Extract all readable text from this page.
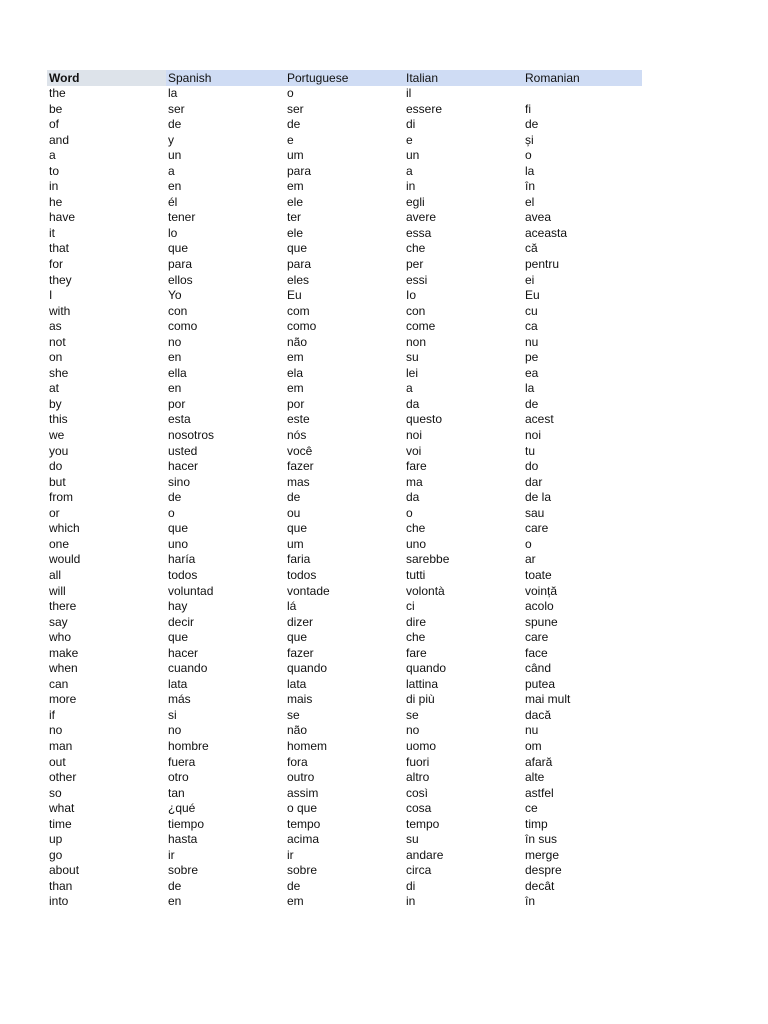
Word	Spanish	Portuguese	Italian	Romanian
the	la	o	il
be	ser	ser	essere	fi
of	de	de	di	de
and	y	e	e	și
a	un	um	un	o
to	a	para	a	la
in	en	em	in	în
he	él	ele	egli	el
have	tener	ter	avere	avea
it	lo	ele	essa	aceasta
that	que	que	che	că
for	para	para	per	pentru
they	ellos	eles	essi	ei
I	Yo	Eu	Io	Eu
with	con	com	con	cu
as	como	como	come	ca
not	no	não	non	nu
on	en	em	su	pe
she	ella	ela	lei	ea
at	en	em	a	la
by	por	por	da	de
this	esta	este	questo	acest
we	nosotros	nós	noi	noi
you	usted	você	voi	tu
do	hacer	fazer	fare	do
but	sino	mas	ma	dar
from	de	de	da	de la
or	o	ou	o	sau
which	que	que	che	care
one	uno	um	uno	o
would	haría	faria	sarebbe	ar
all	todos	todos	tutti	toate
will	voluntad	vontade	volontà	voință
there	hay	lá	ci	acolo
say	decir	dizer	dire	spune
who	que	que	che	care
make	hacer	fazer	fare	face
when	cuando	quando	quando	când
can	lata	lata	lattina	putea
more	más	mais	di più	mai mult
if	si	se	se	dacă
no	no	não	no	nu
man	hombre	homem	uomo	om
out	fuera	fora	fuori	afară
other	otro	outro	altro	alte
so	tan	assim	così	astfel
what	¿qué	o que	cosa	ce
time	tiempo	tempo	tempo	timp
up	hasta	acima	su	în sus
go	ir	ir	andare	merge
about	sobre	sobre	circa	despre
than	de	de	di	decât
into	en	em	in	în
